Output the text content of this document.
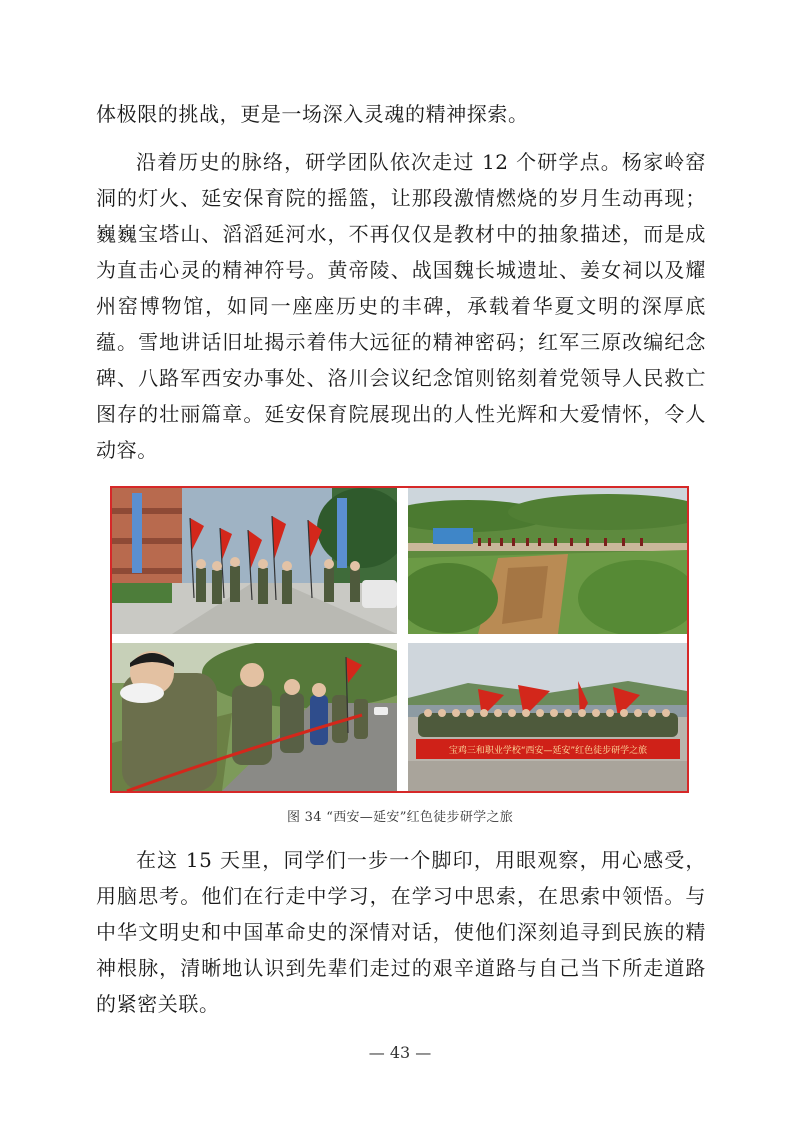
体极限的挑战，更是一场深入灵魂的精神探索。

沿着历史的脉络，研学团队依次走过 12 个研学点。杨家岭窑洞的灯火、延安保育院的摇篮，让那段激情燃烧的岁月生动再现；巍巍宝塔山、滔滔延河水，不再仅仅是教材中的抽象描述，而是成为直击心灵的精神符号。黄帝陵、战国魏长城遗址、姜女祠以及耀州窑博物馆，如同一座座历史的丰碑，承载着华夏文明的深厚底蕴。雪地讲话旧址揭示着伟大远征的精神密码；红军三原改编纪念碑、八路军西安办事处、洛川会议纪念馆则铭刻着党领导人民救亡图存的壮丽篇章。延安保育院展现出的人性光辉和大爱情怀，令人动容。

宝鸡三和职业学校“西安—延安”红色徒步研学之旅
图 34 “西安—延安”红色徒步研学之旅

在这 15 天里，同学们一步一个脚印，用眼观察，用心感受，用脑思考。他们在行走中学习，在学习中思索，在思索中领悟。与中华文明史和中国革命史的深情对话，使他们深刻追寻到民族的精神根脉，清晰地认识到先辈们走过的艰辛道路与自己当下所走道路的紧密关联。

— 43 —
